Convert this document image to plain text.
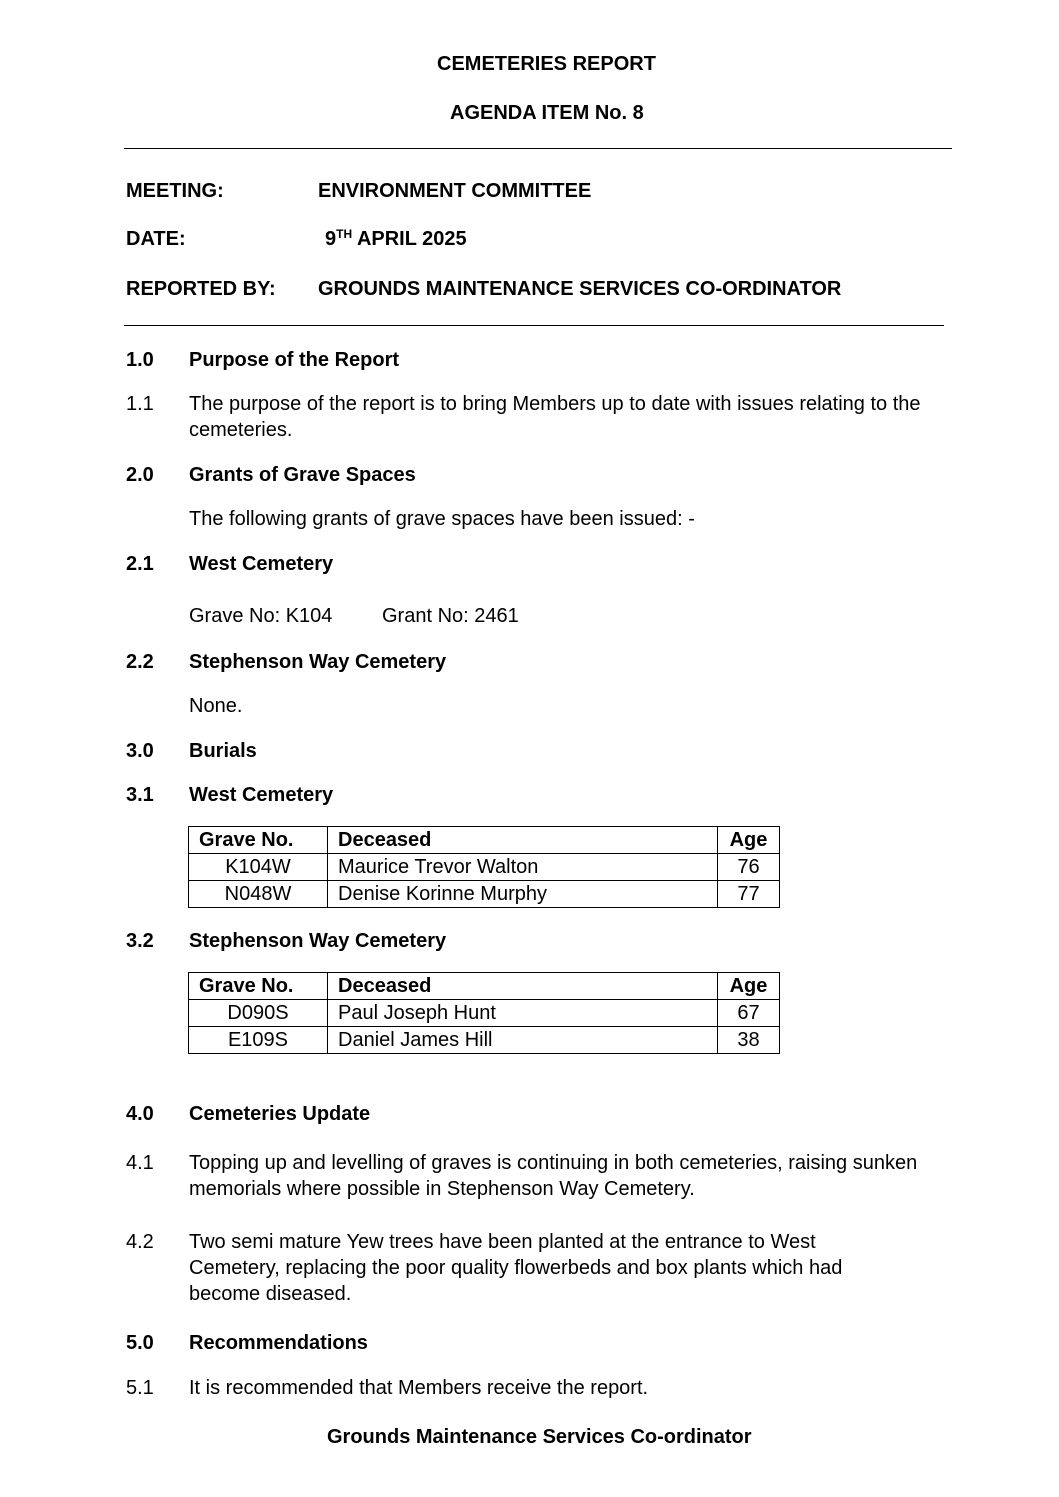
CEMETERIES REPORT
AGENDA ITEM No. 8
MEETING:	ENVIRONMENT COMMITTEE
DATE:	9TH APRIL 2025
REPORTED BY: GROUNDS MAINTENANCE SERVICES CO-ORDINATOR
1.0 Purpose of the Report
1.1 The purpose of the report is to bring Members up to date with issues relating to the cemeteries.
2.0 Grants of Grave Spaces
The following grants of grave spaces have been issued: -
2.1 West Cemetery
Grave No: K104 Grant No: 2461
2.2 Stephenson Way Cemetery
None.
3.0 Burials
3.1 West Cemetery
Grave No.	Deceased	Age
K104W	Maurice Trevor Walton	76
N048W	Denise Korinne Murphy	77
3.2 Stephenson Way Cemetery
Grave No.	Deceased	Age
D090S	Paul Joseph Hunt	67
E109S	Daniel James Hill	38
4.0 Cemeteries Update
4.1 Topping up and levelling of graves is continuing in both cemeteries, raising sunken memorials where possible in Stephenson Way Cemetery.
4.2 Two semi mature Yew trees have been planted at the entrance to West Cemetery, replacing the poor quality flowerbeds and box plants which had become diseased.
5.0 Recommendations
5.1 It is recommended that Members receive the report.
Grounds Maintenance Services Co-ordinator
